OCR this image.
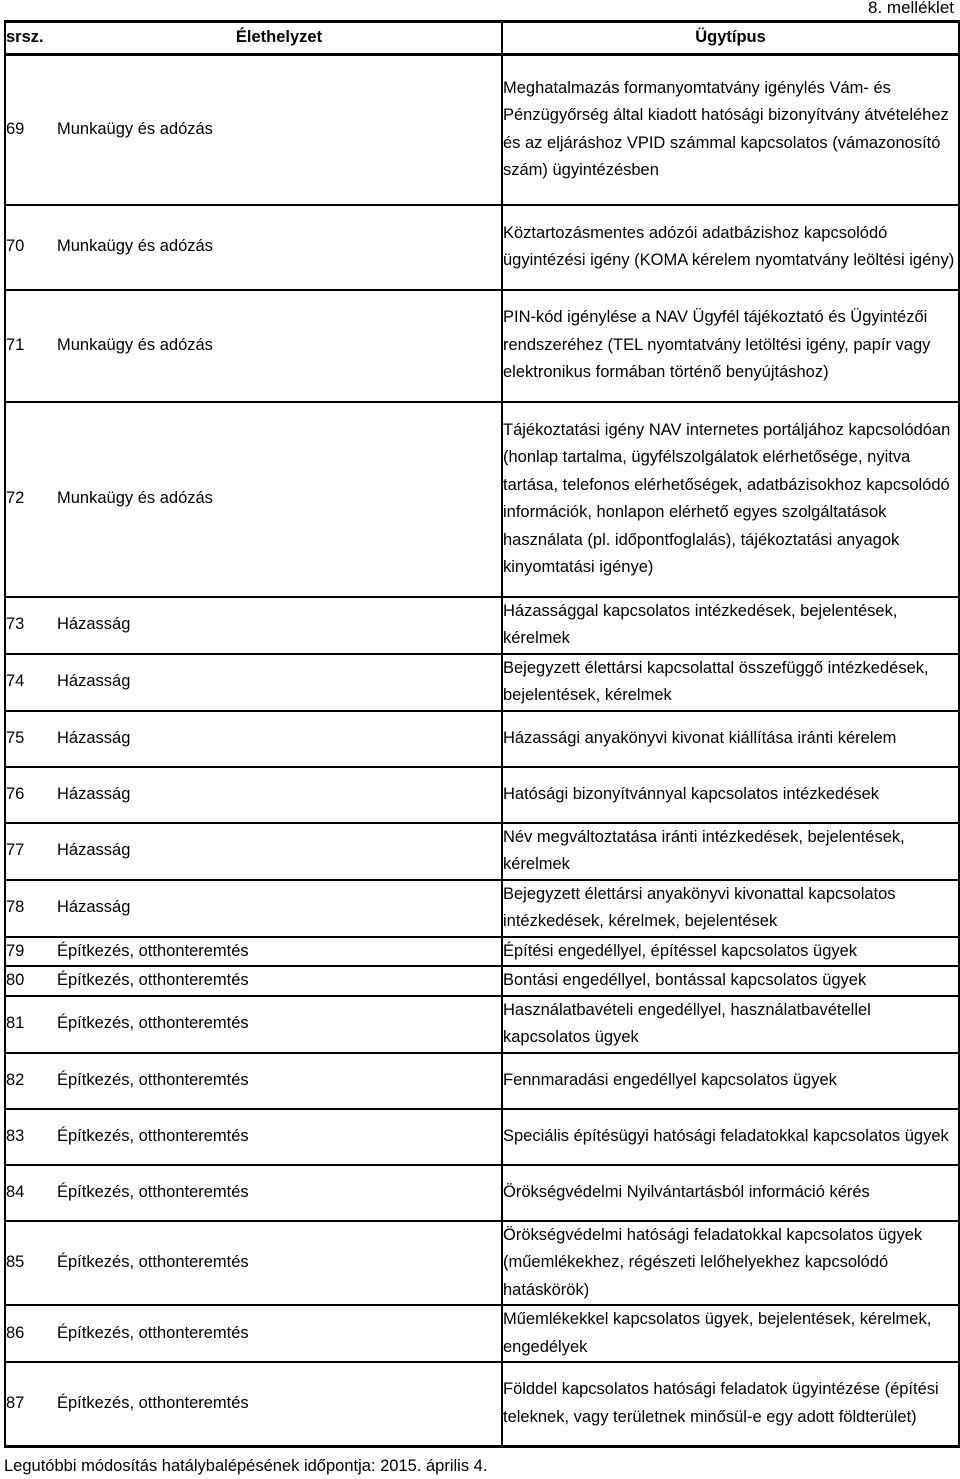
8. melléklet
srsz.	Élethelyzet	Ügytípus
69	Munkaügy és adózás	Meghatalmazás formanyomtatvány igénylés Vám- és Pénzügyőrség által kiadott hatósági bizonyítvány átvételéhez és az eljáráshoz VPID számmal kapcsolatos (vámazonosító szám) ügyintézésben
70	Munkaügy és adózás	Köztartozásmentes adózói adatbázishoz kapcsolódó ügyintézési igény (KOMA kérelem nyomtatvány leöltési igény)
71	Munkaügy és adózás	PIN-kód igénylése a NAV Ügyfél tájékoztató és Ügyintézői rendszeréhez (TEL nyomtatvány letöltési igény, papír vagy elektronikus formában történő benyújtáshoz)
72	Munkaügy és adózás	Tájékoztatási igény NAV internetes portáljához kapcsolódóan (honlap tartalma, ügyfélszolgálatok elérhetősége, nyitva tartása, telefonos elérhetőségek, adatbázisokhoz kapcsolódó információk, honlapon elérhető egyes szolgáltatások használata (pl. időpontfoglalás), tájékoztatási anyagok kinyomtatási igénye)
73	Házasság	Házassággal kapcsolatos intézkedések, bejelentések, kérelmek
74	Házasság	Bejegyzett élettársi kapcsolattal összefüggő intézkedések, bejelentések, kérelmek
75	Házasság	Házassági anyakönyvi kivonat kiállítása iránti kérelem
76	Házasság	Hatósági bizonyítvánnyal kapcsolatos intézkedések
77	Házasság	Név megváltoztatása iránti intézkedések, bejelentések, kérelmek
78	Házasság	Bejegyzett élettársi anyakönyvi kivonattal kapcsolatos intézkedések, kérelmek, bejelentések
79	Építkezés, otthonteremtés	Építési engedéllyel, építéssel kapcsolatos ügyek
80	Építkezés, otthonteremtés	Bontási engedéllyel, bontással kapcsolatos ügyek
81	Építkezés, otthonteremtés	Használatbavételi engedéllyel, használatbavétellel kapcsolatos ügyek
82	Építkezés, otthonteremtés	Fennmaradási engedéllyel kapcsolatos ügyek
83	Építkezés, otthonteremtés	Speciális építésügyi hatósági feladatokkal kapcsolatos ügyek
84	Építkezés, otthonteremtés	Örökségvédelmi Nyilvántartásból információ kérés
85	Építkezés, otthonteremtés	Örökségvédelmi hatósági feladatokkal kapcsolatos ügyek (műemlékekhez, régészeti lelőhelyekhez kapcsolódó hatáskörök)
86	Építkezés, otthonteremtés	Műemlékekkel kapcsolatos ügyek, bejelentések, kérelmek, engedélyek
87	Építkezés, otthonteremtés	Földdel kapcsolatos hatósági feladatok ügyintézése (építési teleknek, vagy területnek minősül-e egy adott földterület)
Legutóbbi módosítás hatálybalépésének időpontja: 2015. április 4.
